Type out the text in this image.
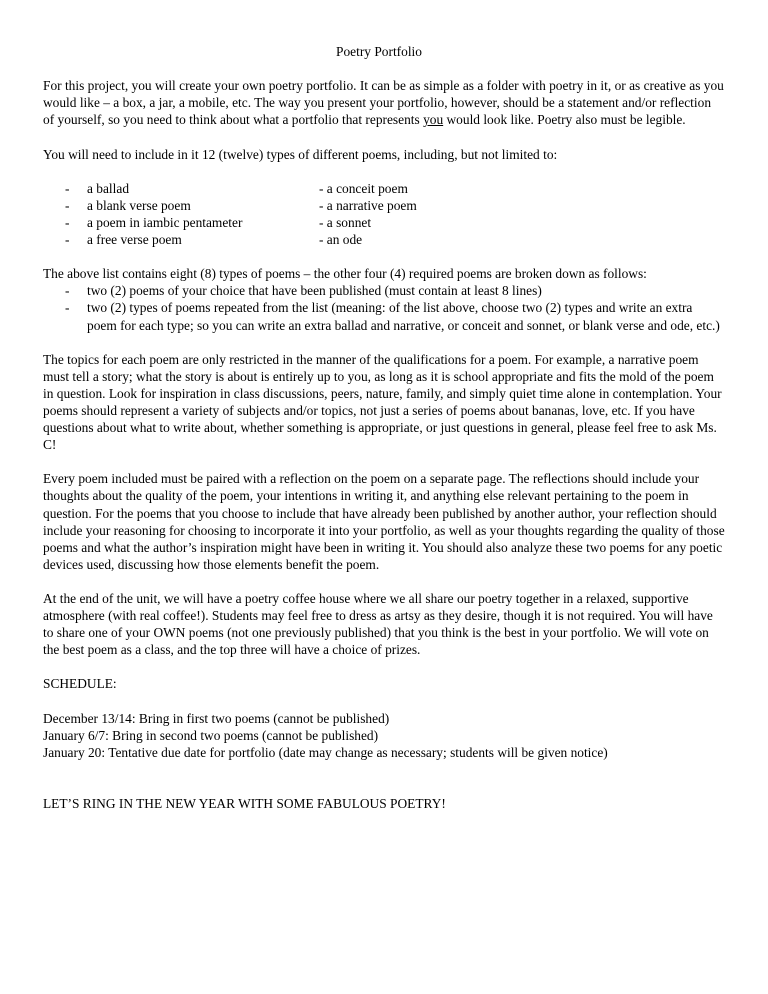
Poetry Portfolio

For this project, you will create your own poetry portfolio. It can be as simple as a folder with poetry in it, or as creative as you would like – a box, a jar, a mobile, etc. The way you present your portfolio, however, should be a statement and/or reflection of yourself, so you need to think about what a portfolio that represents you would look like. Poetry also must be legible.

You will need to include in it 12 (twelve) types of different poems, including, but not limited to:

-	a ballad	- a conceit poem
-	a blank verse poem	- a narrative poem
-	a poem in iambic pentameter	- a sonnet
-	a free verse poem	- an ode

The above list contains eight (8) types of poems – the other four (4) required poems are broken down as follows:

-	two (2) poems of your choice that have been published (must contain at least 8 lines)
-	two (2) types of poems repeated from the list (meaning: of the list above, choose two (2) types and write an extra poem for each type; so you can write an extra ballad and narrative, or conceit and sonnet, or blank verse and ode, etc.)

The topics for each poem are only restricted in the manner of the qualifications for a poem. For example, a narrative poem must tell a story; what the story is about is entirely up to you, as long as it is school appropriate and fits the mold of the poem in question. Look for inspiration in class discussions, peers, nature, family, and simply quiet time alone in contemplation. Your poems should represent a variety of subjects and/or topics, not just a series of poems about bananas, love, etc. If you have questions about what to write about, whether something is appropriate, or just questions in general, please feel free to ask Ms. C!

Every poem included must be paired with a reflection on the poem on a separate page. The reflections should include your thoughts about the quality of the poem, your intentions in writing it, and anything else relevant pertaining to the poem in question. For the poems that you choose to include that have already been published by another author, your reflection should include your reasoning for choosing to incorporate it into your portfolio, as well as your thoughts regarding the quality of those poems and what the author’s inspiration might have been in writing it. You should also analyze these two poems for any poetic devices used, discussing how those elements benefit the poem.

At the end of the unit, we will have a poetry coffee house where we all share our poetry together in a relaxed, supportive atmosphere (with real coffee!). Students may feel free to dress as artsy as they desire, though it is not required. You will have to share one of your OWN poems (not one previously published) that you think is the best in your portfolio. We will vote on the best poem as a class, and the top three will have a choice of prizes.

SCHEDULE:

December 13/14: Bring in first two poems (cannot be published)

January 6/7: Bring in second two poems (cannot be published)

January 20: Tentative due date for portfolio (date may change as necessary; students will be given notice)

LET’S RING IN THE NEW YEAR WITH SOME FABULOUS POETRY!
